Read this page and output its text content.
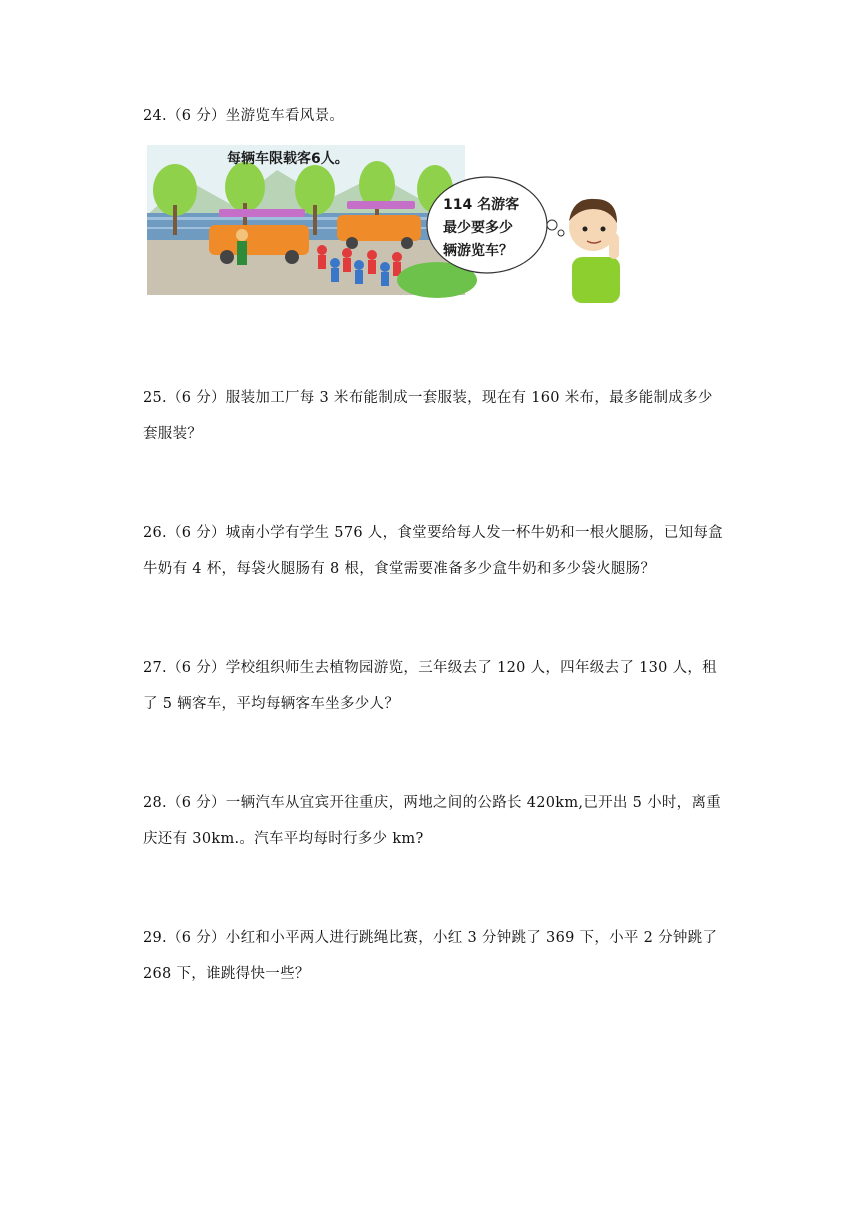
24.（6 分）坐游览车看风景。
每辆车限载客6人。
114 名游客
最少要多少
辆游览车？
25.（6 分）服装加工厂每 3 米布能制成一套服装，现在有 160 米布，最多能制成多少套服装？
26.（6 分）城南小学有学生 576 人，食堂要给每人发一杯牛奶和一根火腿肠，已知每盒牛奶有 4 杯，每袋火腿肠有 8 根，食堂需要准备多少盒牛奶和多少袋火腿肠？
27.（6 分）学校组织师生去植物园游览，三年级去了 120 人，四年级去了 130 人，租了 5 辆客车，平均每辆客车坐多少人？
28.（6 分）一辆汽车从宜宾开往重庆，两地之间的公路长 420km,已开出 5 小时，离重庆还有 30km.。汽车平均每时行多少 km?
29.（6 分）小红和小平两人进行跳绳比赛，小红 3 分钟跳了 369 下，小平 2 分钟跳了 268 下，谁跳得快一些？
